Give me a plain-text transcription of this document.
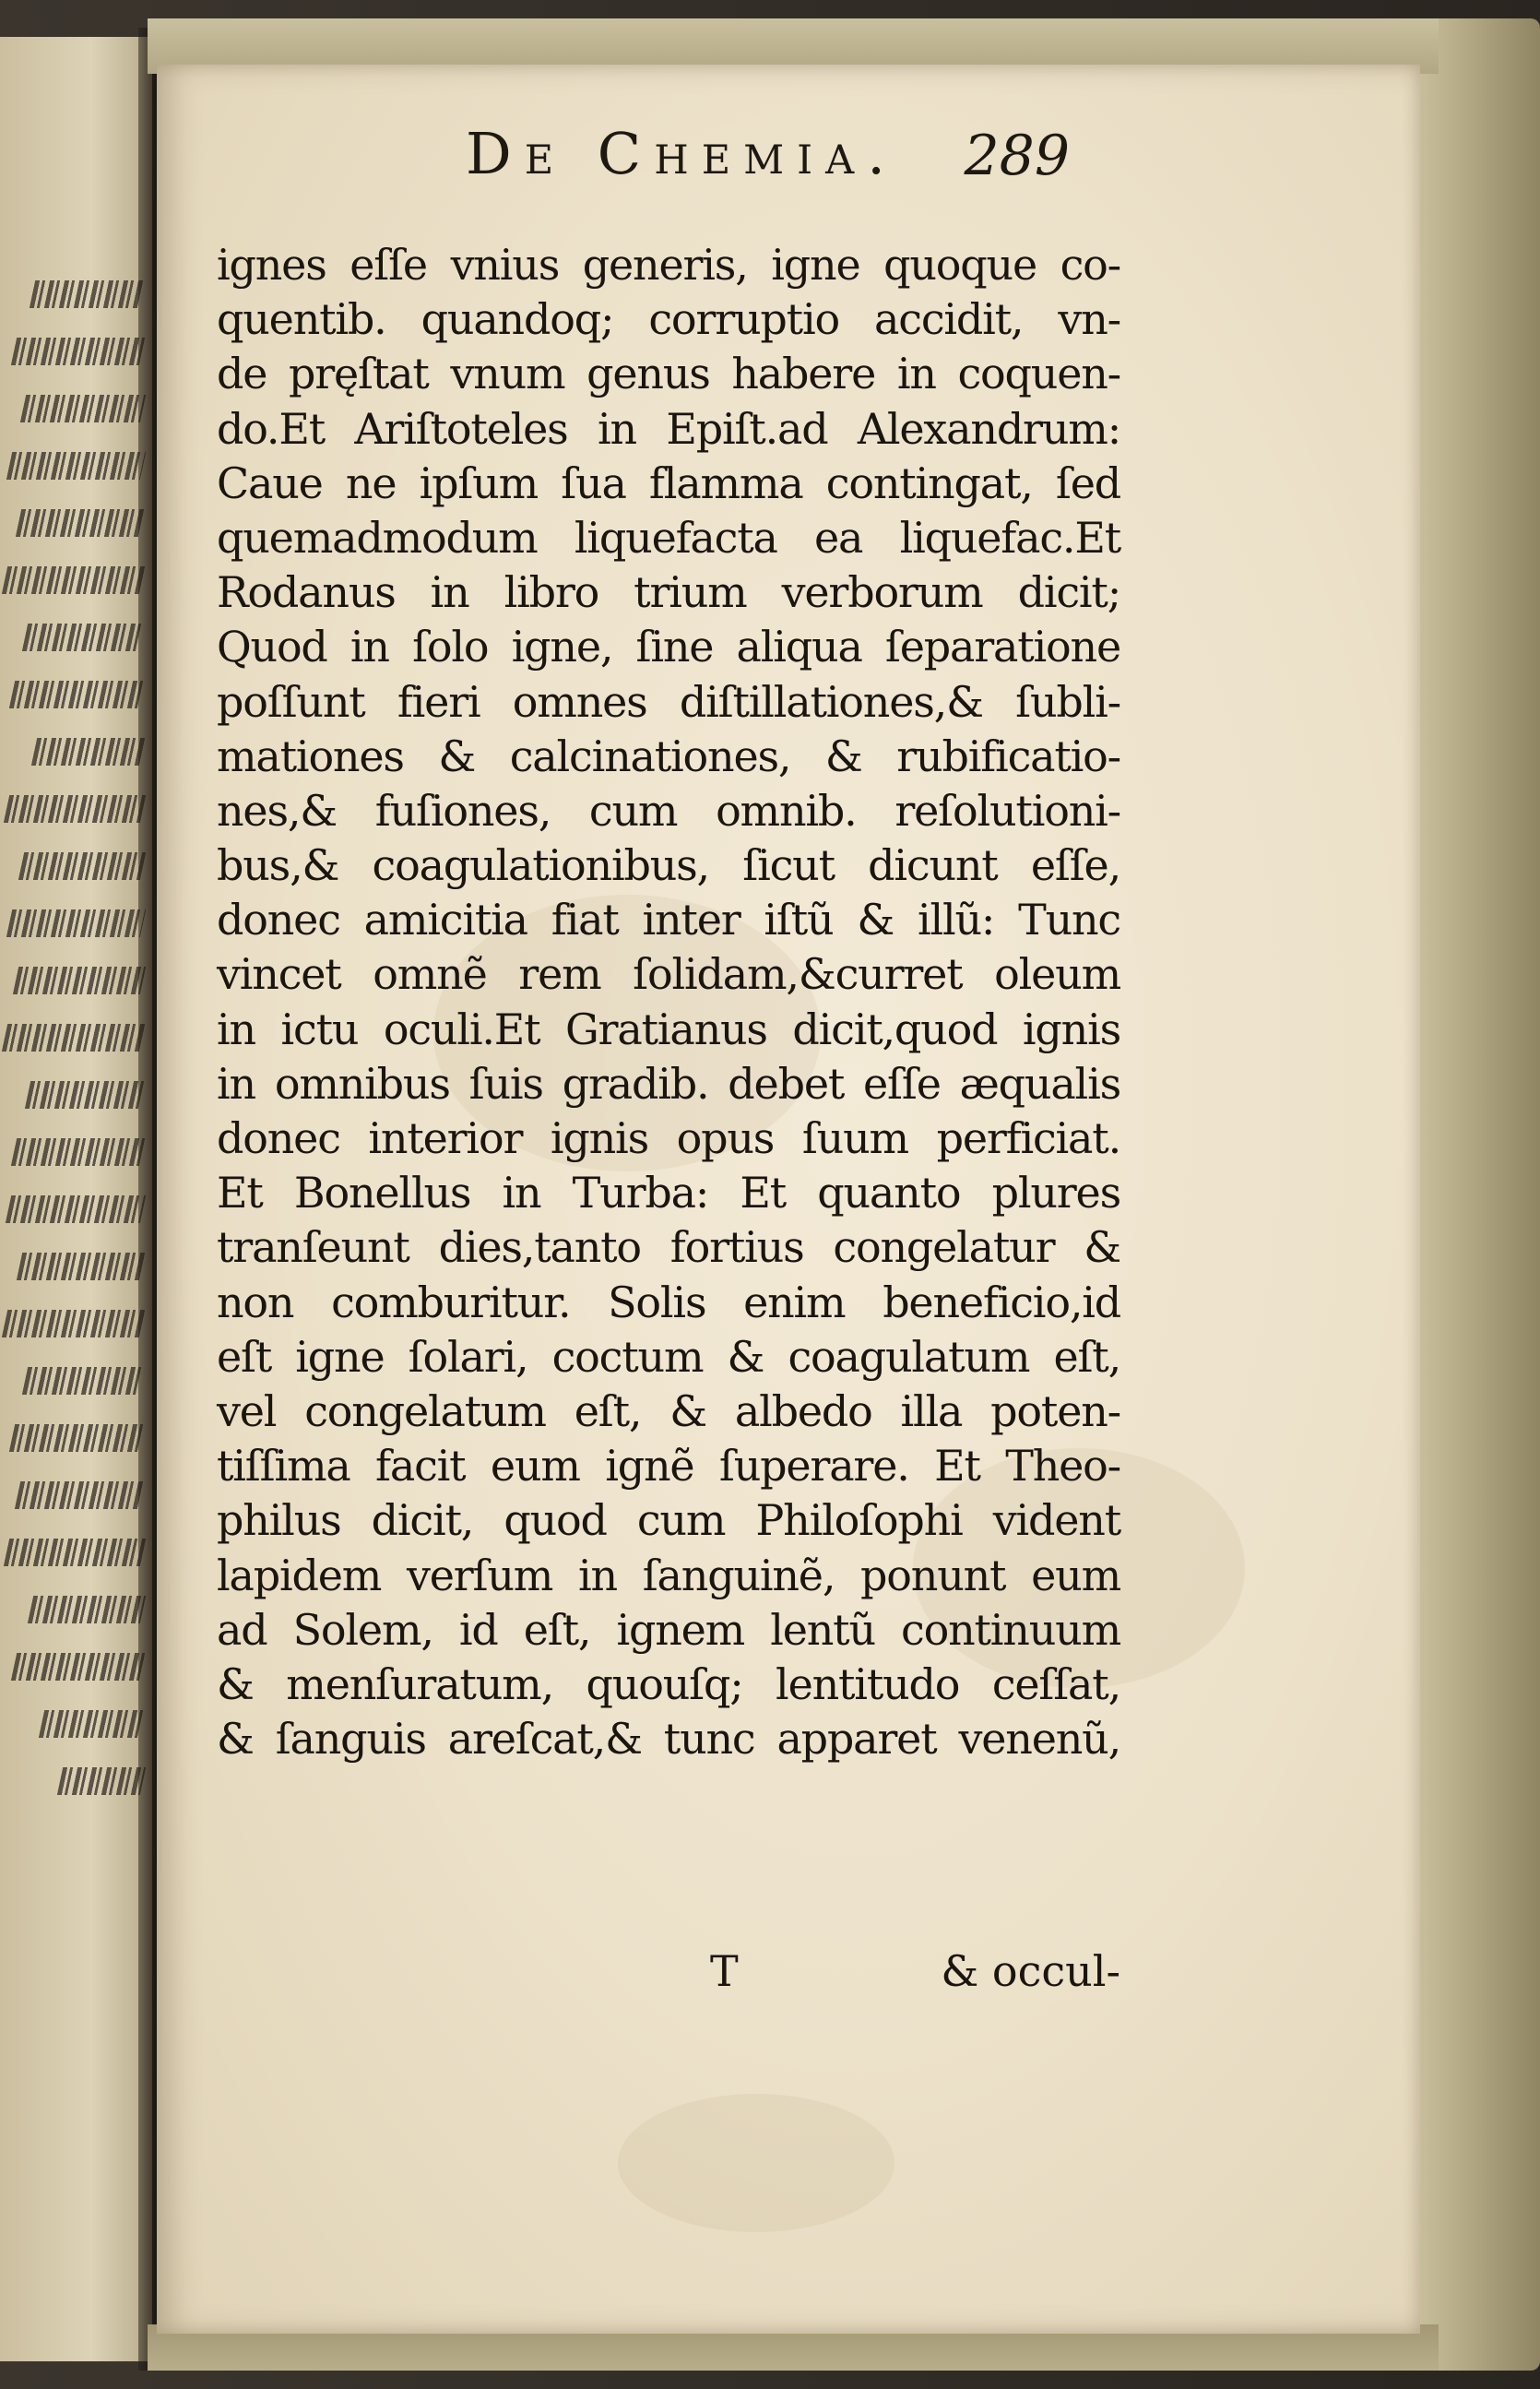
De Chemia. 289
ignes eſſe vnius generis, igne quoque co-
quentib. quandoq; corruptio accidit, vn-
de pręſtat vnum genus habere in coquen-
do.Et Ariſtoteles in Epiſt.ad Alexandrum:
Caue ne ipſum ſua flamma contingat, ſed
quemadmodum liquefacta ea liquefac.Et
Rodanus in libro trium verborum dicit;
Quod in ſolo igne, ſine aliqua ſeparatione
poſſunt fieri omnes diſtillationes,& ſubli-
mationes & calcinationes, & rubificatio-
nes,& fuſiones, cum omnib. reſolutioni-
bus,& coagulationibus, ſicut dicunt eſſe,
donec amicitia fiat inter iſtũ & illũ: Tunc
vincet omnẽ rem ſolidam,&curret oleum
in ictu oculi.Et Gratianus dicit,quod ignis
in omnibus ſuis gradib. debet eſſe æqualis
donec interior ignis opus ſuum perficiat.
Et Bonellus in Turba: Et quanto plures
tranſeunt dies,tanto fortius congelatur &
non comburitur. Solis enim beneficio,id
eſt igne ſolari, coctum & coagulatum eſt,
vel congelatum eſt, & albedo illa poten-
tiſſima facit eum ignẽ ſuperare. Et Theo-
philus dicit, quod cum Philoſophi vident
lapidem verſum in ſanguinẽ, ponunt eum
ad Solem, id eſt, ignem lentũ continuum
& menſuratum, quouſq; lentitudo ceſſat,
& ſanguis areſcat,& tunc apparet venenũ,
T	& occul-
